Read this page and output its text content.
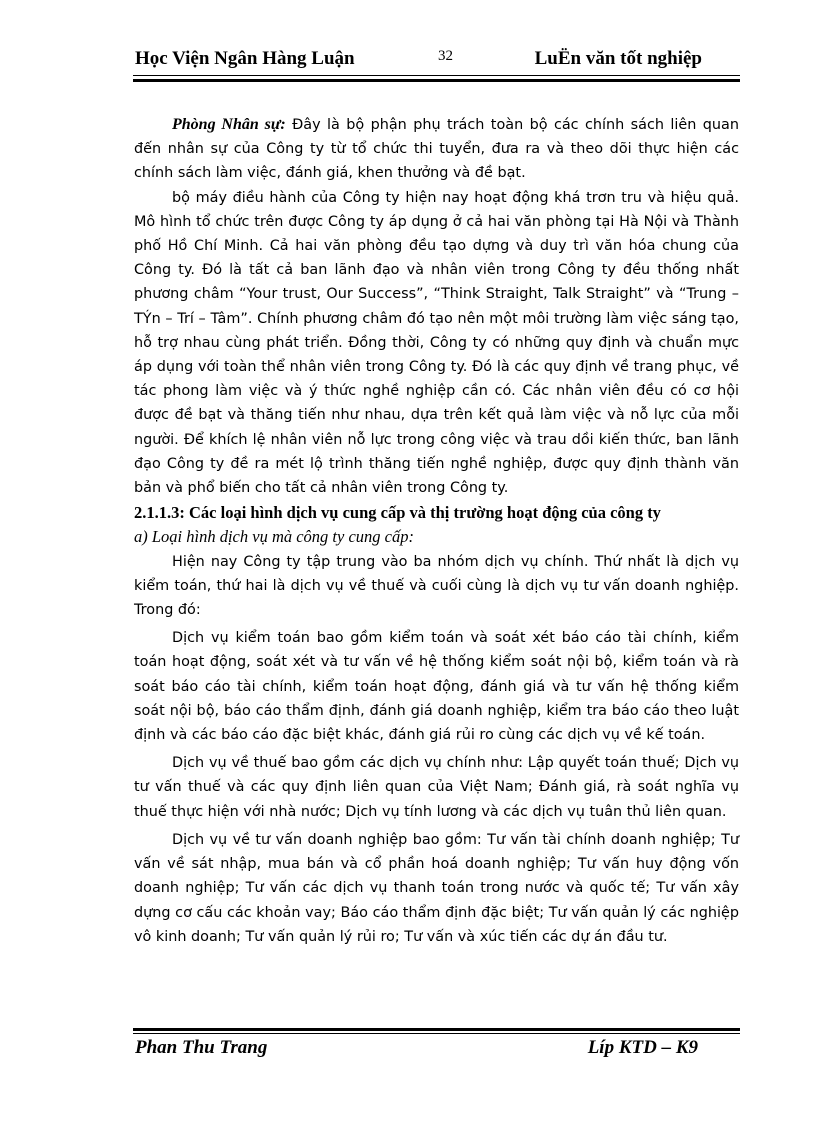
Học Viện Ngân Hàng Luận	32	LuËn văn tốt nghiệp

Phòng Nhân sự: Đây là bộ phận phụ trách toàn bộ các chính sách liên quan đến nhân sự của Công ty từ tổ chức thi tuyển, đưa ra và theo dõi thực hiện các chính sách làm việc, đánh giá, khen thưởng và đề bạt.

bộ máy điều hành của Công ty hiện nay hoạt động khá trơn tru và hiệu quả. Mô hình tổ chức trên được Công ty áp dụng ở cả hai văn phòng tại Hà Nội và Thành phố Hồ Chí Minh. Cả hai văn phòng đều tạo dựng và duy trì văn hóa chung của Công ty. Đó là tất cả ban lãnh đạo và nhân viên trong Công ty đều thống nhất phương châm “Your trust, Our Success”, “Think Straight, Talk Straight” và “Trung – TÝn – Trí – Tâm”. Chính phương châm đó tạo nên một môi trường làm việc sáng tạo, hỗ trợ nhau cùng phát triển. Đồng thời, Công ty có những quy định và chuẩn mực áp dụng với toàn thể nhân viên trong Công ty. Đó là các quy định về trang phục, về tác phong làm việc và ý thức nghề nghiệp cần có. Các nhân viên đều có cơ hội được đề bạt và thăng tiến như nhau, dựa trên kết quả làm việc và nỗ lực của mỗi người. Để khích lệ nhân viên nỗ lực trong công việc và trau dồi kiến thức, ban lãnh đạo Công ty đề ra mét lộ trình thăng tiến nghề nghiệp, được quy định thành văn bản và phổ biến cho tất cả nhân viên trong Công ty.

2.1.1.3: Các loại hình dịch vụ cung cấp và thị trường hoạt động của công ty

a) Loại hình dịch vụ mà công ty cung cấp:

Hiện nay Công ty tập trung vào ba nhóm dịch vụ chính. Thứ nhất là dịch vụ kiểm toán, thứ hai là dịch vụ về thuế và cuối cùng là dịch vụ tư vấn doanh nghiệp. Trong đó:

Dịch vụ kiểm toán bao gồm kiểm toán và soát xét báo cáo tài chính, kiểm toán hoạt động, soát xét và tư vấn về hệ thống kiểm soát nội bộ, kiểm toán và rà soát báo cáo tài chính, kiểm toán hoạt động, đánh giá và tư vấn hệ thống kiểm soát nội bộ, báo cáo thẩm định, đánh giá doanh nghiệp, kiểm tra báo cáo theo luật định và các báo cáo đặc biệt khác, đánh giá rủi ro cùng các dịch vụ về kế toán.

Dịch vụ về thuế bao gồm các dịch vụ chính như: Lập quyết toán thuế; Dịch vụ tư vấn thuế và các quy định liên quan của Việt Nam; Đánh giá, rà soát nghĩa vụ thuế thực hiện với nhà nước; Dịch vụ tính lương và các dịch vụ tuân thủ liên quan.

Dịch vụ về tư vấn doanh nghiệp bao gồm: Tư vấn tài chính doanh nghiệp; Tư vấn về sát nhập, mua bán và cổ phần hoá doanh nghiệp; Tư vấn huy động vốn doanh nghiệp; Tư vấn các dịch vụ thanh toán trong nước và quốc tế; Tư vấn xây dựng cơ cấu các khoản vay; Báo cáo thẩm định đặc biệt; Tư vấn quản lý các nghiệp vô kinh doanh; Tư vấn quản lý rủi ro; Tư vấn và xúc tiến các dự án đầu tư.

Phan Thu Trang	Líp KTD – K9
